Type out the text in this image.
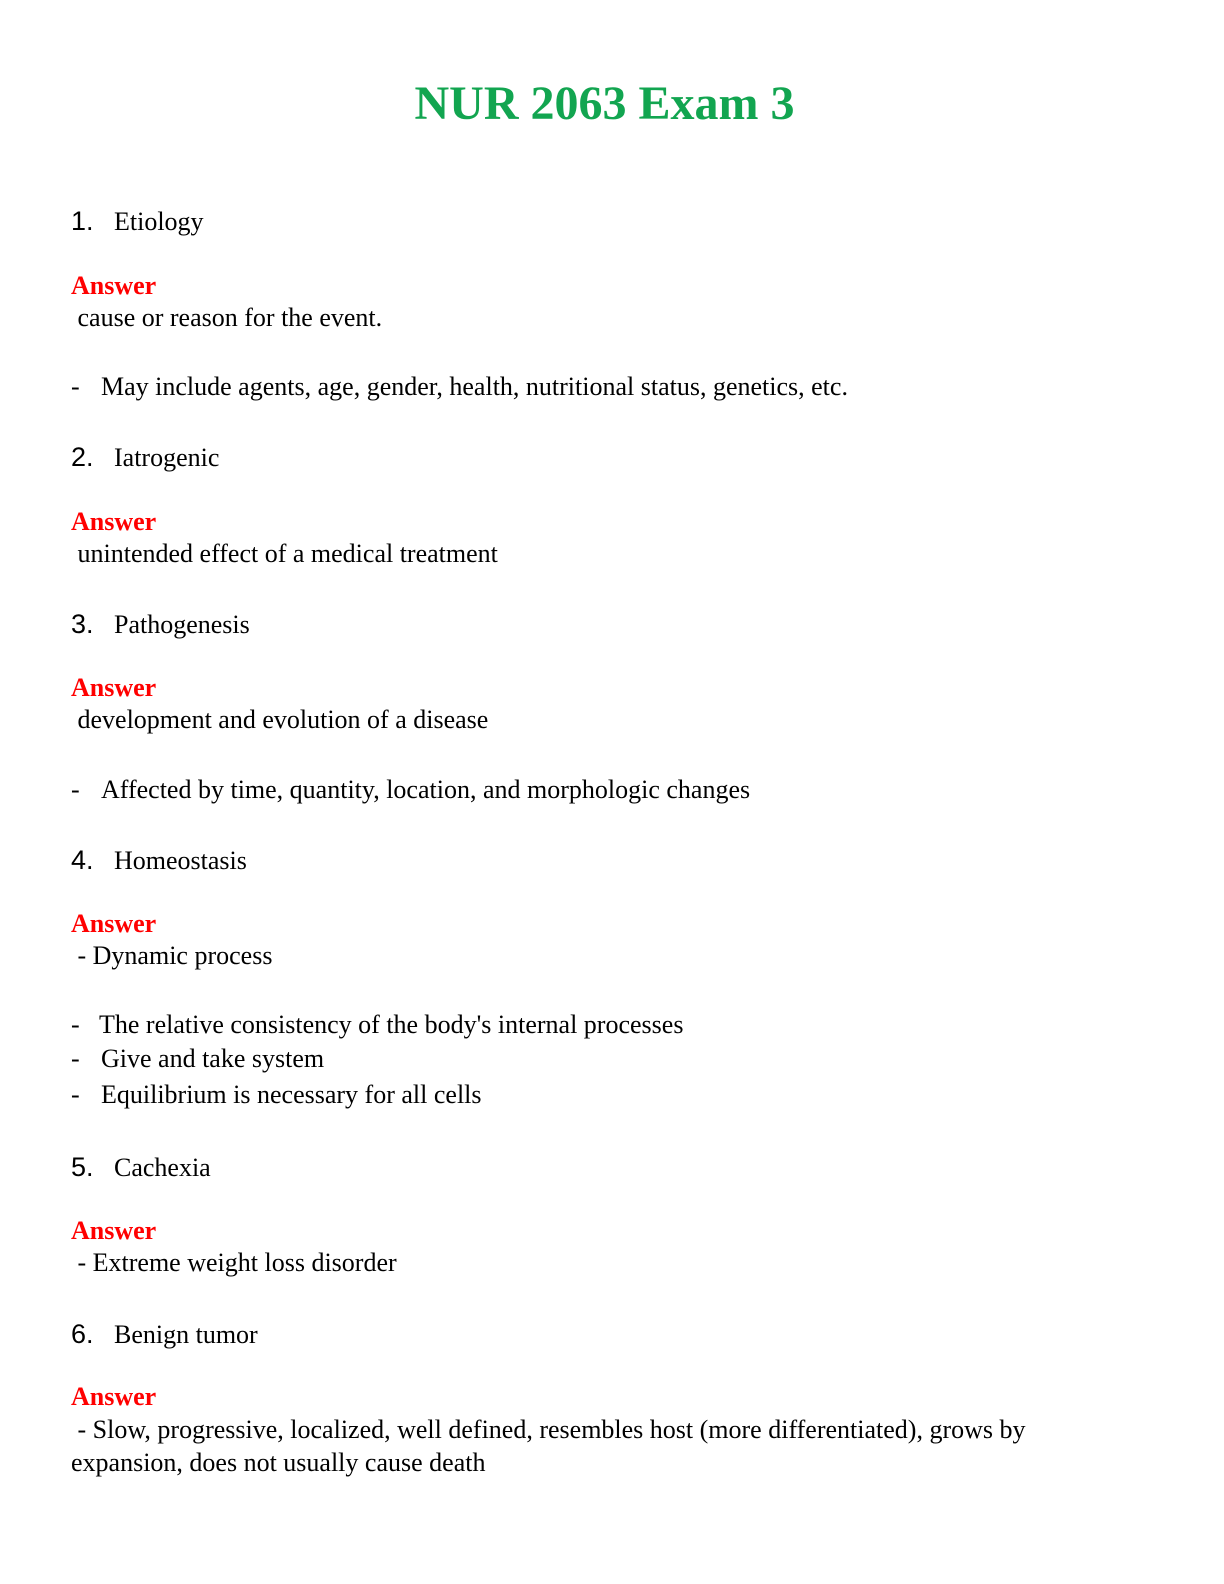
NUR 2063 Exam 3
1. Etiology
Answer
cause or reason for the event.
- May include agents, age, gender, health, nutritional status, genetics, etc.
2. Iatrogenic
Answer
unintended effect of a medical treatment
3. Pathogenesis
Answer
development and evolution of a disease
- Affected by time, quantity, location, and morphologic changes
4. Homeostasis
Answer
- Dynamic process
- The relative consistency of the body's internal processes
- Give and take system
- Equilibrium is necessary for all cells
5. Cachexia
Answer
- Extreme weight loss disorder
6. Benign tumor
Answer
- Slow, progressive, localized, well defined, resembles host (more differentiated), grows by expansion, does not usually cause death
